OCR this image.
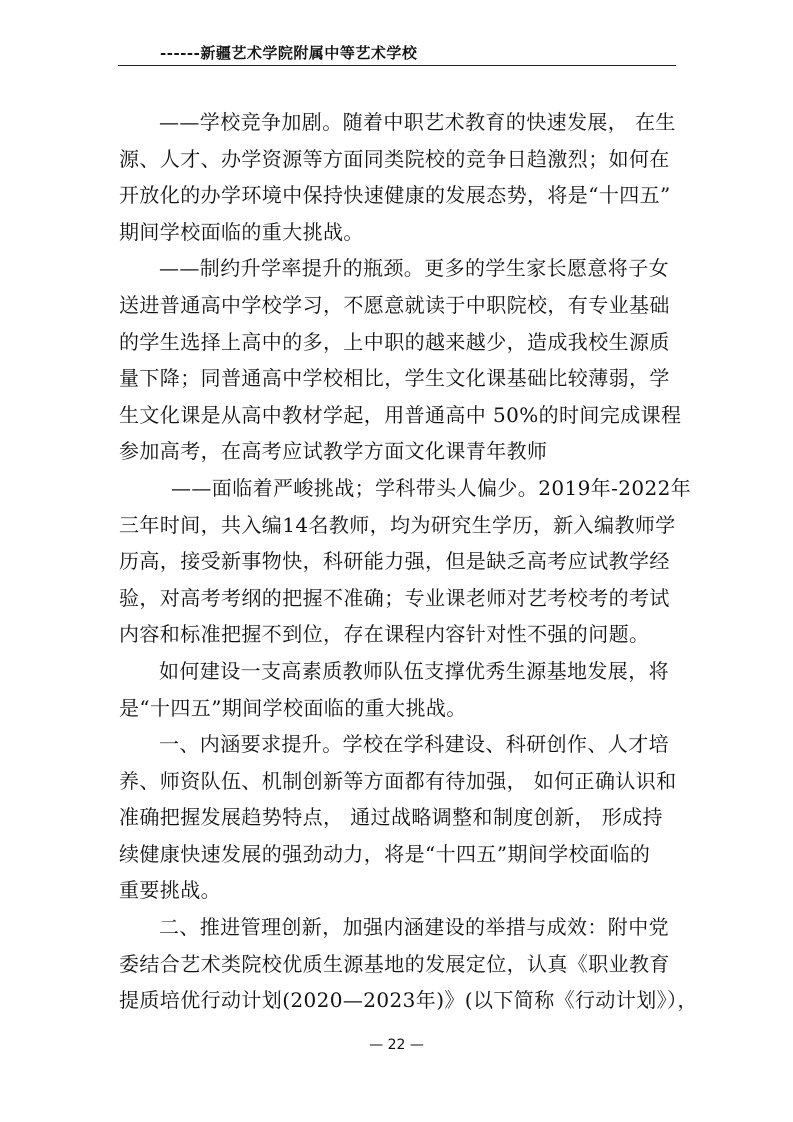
------新疆艺术学院附属中等艺术学校
——学校竞争加剧。随着中职艺术教育的快速发展， 在生
源、人才、办学资源等方面同类院校的竞争日趋激烈；如何在
开放化的办学环境中保持快速健康的发展态势，将是“十四五”
期间学校面临的重大挑战。
——制约升学率提升的瓶颈。更多的学生家长愿意将子女
送进普通高中学校学习，不愿意就读于中职院校，有专业基础
的学生选择上高中的多，上中职的越来越少，造成我校生源质
量下降；同普通高中学校相比，学生文化课基础比较薄弱，学
生文化课是从高中教材学起，用普通高中 50%的时间完成课程
参加高考，在高考应试教学方面文化课青年教师
——面临着严峻挑战；学科带头人偏少。2019年-2022年
三年时间，共入编14名教师，均为研究生学历，新入编教师学
历高，接受新事物快，科研能力强，但是缺乏高考应试教学经
验，对高考考纲的把握不准确；专业课老师对艺考校考的考试
内容和标准把握不到位，存在课程内容针对性不强的问题。
如何建设一支高素质教师队伍支撑优秀生源基地发展，将
是“十四五”期间学校面临的重大挑战。
一、内涵要求提升。学校在学科建设、科研创作、人才培
养、师资队伍、机制创新等方面都有待加强， 如何正确认识和
准确把握发展趋势特点， 通过战略调整和制度创新， 形成持
续健康快速发展的强劲动力，将是“十四五”期间学校面临的
重要挑战。
二、推进管理创新，加强内涵建设的举措与成效：附中党
委结合艺术类院校优质生源基地的发展定位，认真《职业教育
提质培优行动计划(2020—2023年)》(以下简称《行动计划》），
— 22 —
